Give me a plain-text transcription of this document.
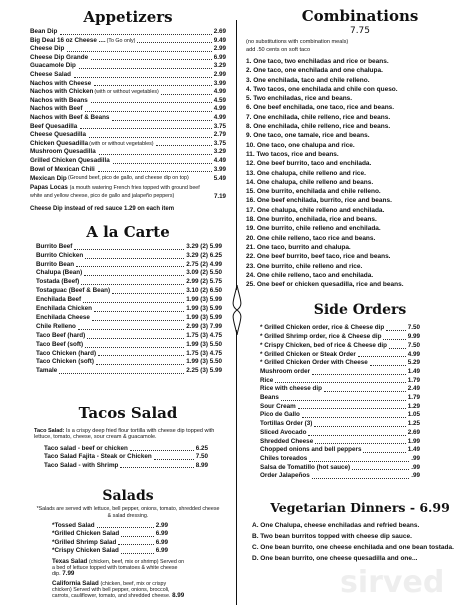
Appetizers
Bean Dip	2.69
Big Deal 16 oz Cheese .... (To Go only)	9.49
Cheese Dip	2.99
Cheese Dip Grande	6.99
Guacamole Dip	3.29
Cheese Salad	2.99
Nachos with Cheese	3.99
Nachos with Chicken (with or without vegetables)	4.99
Nachos with Beans	4.59
Nachos with Beef	4.99
Nachos with Beef & Beans	4.99
Beef Quesadilla	3.75
Cheese Quesadilla	2.79
Chicken Quesadilla (with or without vegetables)	3.75
Mushroom Quesadilla	3.29
Grilled Chicken Quesadilla	4.49
Bowl of Mexican Chili	3.99
Mexican Dip (Ground beef, pico de gallo, and cheese dip on top)	5.49
Papas Locas (a mouth watering French fries topped with ground beef white and yellow cheese, pico de gallo and jalapeño peppers)	7.19
Cheese Dip instead of red sauce 1.29 on each item
A la Carte
Burrito Beef	3.29 (2) 5.99
Burrito Chicken	3.29 (2) 6.25
Burrito Bean	2.75 (2) 4.99
Chalupa (Bean)	3.09 (2) 5.50
Tostada (Beef)	2.99 (2) 5.75
Tostaguac (Beef & Bean)	3.10 (2) 6.50
Enchilada Beef	1.99 (3) 5.99
Enchilada Chicken	1.99 (3) 5.99
Enchilada Cheese	1.99 (3) 5.99
Chile Relleno	2.99 (3) 7.99
Taco Beef (hard)	1.75 (3) 4.75
Taco Beef (soft)	1.99 (3) 5.50
Taco Chicken (hard)	1.75 (3) 4.75
Taco Chicken (soft)	1.99 (3) 5.50
Tamale	2.25 (3) 5.99
Tacos Salad
Taco Salad: Is a crispy deep fried flour tortilla with cheese dip topped with lettuce, tomato, cheese, sour cream & guacamole.
Taco salad - beef or chicken	6.25
Taco Salad Fajita - Steak or Chicken	7.50
Taco Salad - with Shrimp	8.99
Salads
*Salads are served with lettuce, bell pepper, onions, tomato, shredded cheese & salad dressing.
*Tossed Salad	2.99
*Grilled Chicken Salad	6.99
*Grilled Shrimp Salad	6.99
*Crispy Chicken Salad	6.99
Texas Salad (chicken, beef, mix or shrimp) Served on a bed of lettuce topped with tomatoes & white cheese dip. 7.99
California Salad (chicken, beef, mix or crispy chicken) Served with bell pepper, onions, broccoli, carrots, cauliflower, tomato, and shredded cheese. 8.99
Combinations
7.75
(no substitutions with combination meals)
add .50 cents on soft taco
1. One taco, two enchiladas and rice or beans.
2. One taco, one enchilada and one chalupa.
3. One enchilada, taco and chile relleno.
4. Two tacos, one enchilada and chile con queso.
5. Two enchiladas, rice and beans.
6. One beef enchilada, one taco, rice and beans.
7. One enchilada, chile relleno, rice and beans.
8. One enchilada, chile relleno, rice and beans.
9. One taco, one tamale, rice and beans.
10. One taco, one chalupa and rice.
11. Two tacos, rice and beans.
12. One beef burrito, taco and enchilada.
13. One chalupa, chile relleno and rice.
14. One chalupa, chile relleno and beans.
15. One burrito, enchilada and chile relleno.
16. One beef enchilada, burrito, rice and beans.
17. One chalupa, chile relleno and enchilada.
18. One burrito, enchilada, rice and beans.
19. One burrito, chile relleno and enchilada.
20. One chile relleno, taco rice and beans.
21. One taco, burrito and chalupa.
22. One beef burrito, beef taco, rice and beans.
23. One burrito, chile relleno and rice.
24. One chile relleno, taco and enchilada.
25. One beef or chicken quesadilla, rice and beans.
Side Orders
* Grilled Chicken order, rice & Cheese dip	7.50
* Grilled Shrimp order, rice & Cheese dip	9.99
* Crispy Chicken, bed of rice & Cheese dip	7.50
* Grilled Chicken or Steak Order	4.99
* Grilled Chicken Order with Cheese	5.29
Mushroom order	1.49
Rice	1.79
Rice with cheese dip	2.49
Beans	1.79
Sour Cream	1.29
Pico de Gallo	1.05
Tortillas Order (3)	1.25
Sliced Avocado	2.69
Shredded Cheese	1.99
Chopped onions and bell peppers	1.49
Chiles toreados	.99
Salsa de Tomatillo (hot sauce)	.99
Order Jalapeños	.99
Vegetarian Dinners - 6.99
A. One Chalupa, cheese enchiladas and refried beans.
B. Two bean burritos topped with cheese dip sauce.
C. One bean burrito, one cheese enchilada and one bean tostada.
D. One bean burrito, one cheese quesadilla and one...
sirved
